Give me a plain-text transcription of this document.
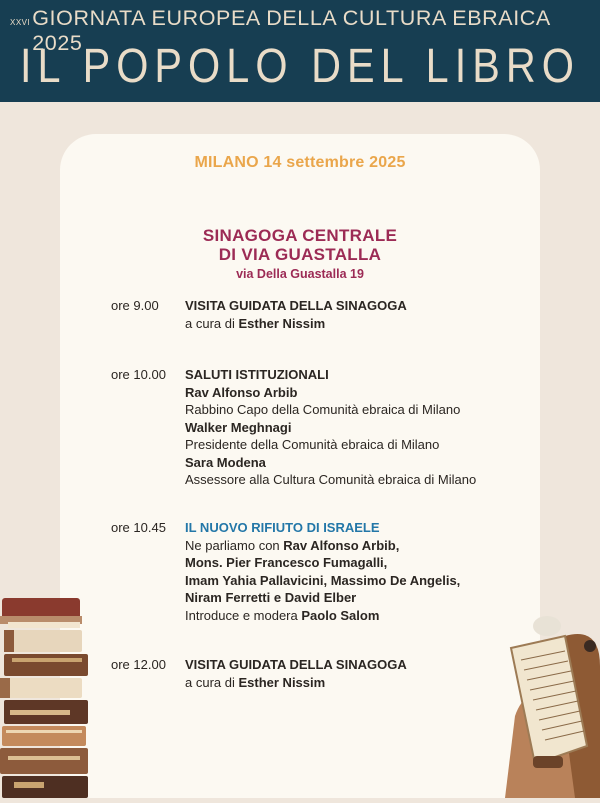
XXVI GIORNATA EUROPEA DELLA CULTURA EBRAICA 2025
IL POPOLO DEL LIBRO
MILANO 14 settembre 2025
SINAGOGA CENTRALE
DI VIA GUASTALLA
via Della Guastalla 19
ore 9.00	VISITA GUIDATA DELLA SINAGOGA
a cura di Esther Nissim
ore 10.00	SALUTI ISTITUZIONALI
Rav Alfonso Arbib
Rabbino Capo della Comunità ebraica di Milano
Walker Meghnagi
Presidente della Comunità ebraica di Milano
Sara Modena
Assessore alla Cultura Comunità ebraica di Milano
ore 10.45	IL NUOVO RIFIUTO DI ISRAELE
Ne parliamo con Rav Alfonso Arbib,
Mons. Pier Francesco Fumagalli,
Imam Yahia Pallavicini, Massimo De Angelis,
Niram Ferretti e David Elber
Introduce e modera Paolo Salom
ore 12.00	VISITA GUIDATA DELLA SINAGOGA
a cura di Esther Nissim
